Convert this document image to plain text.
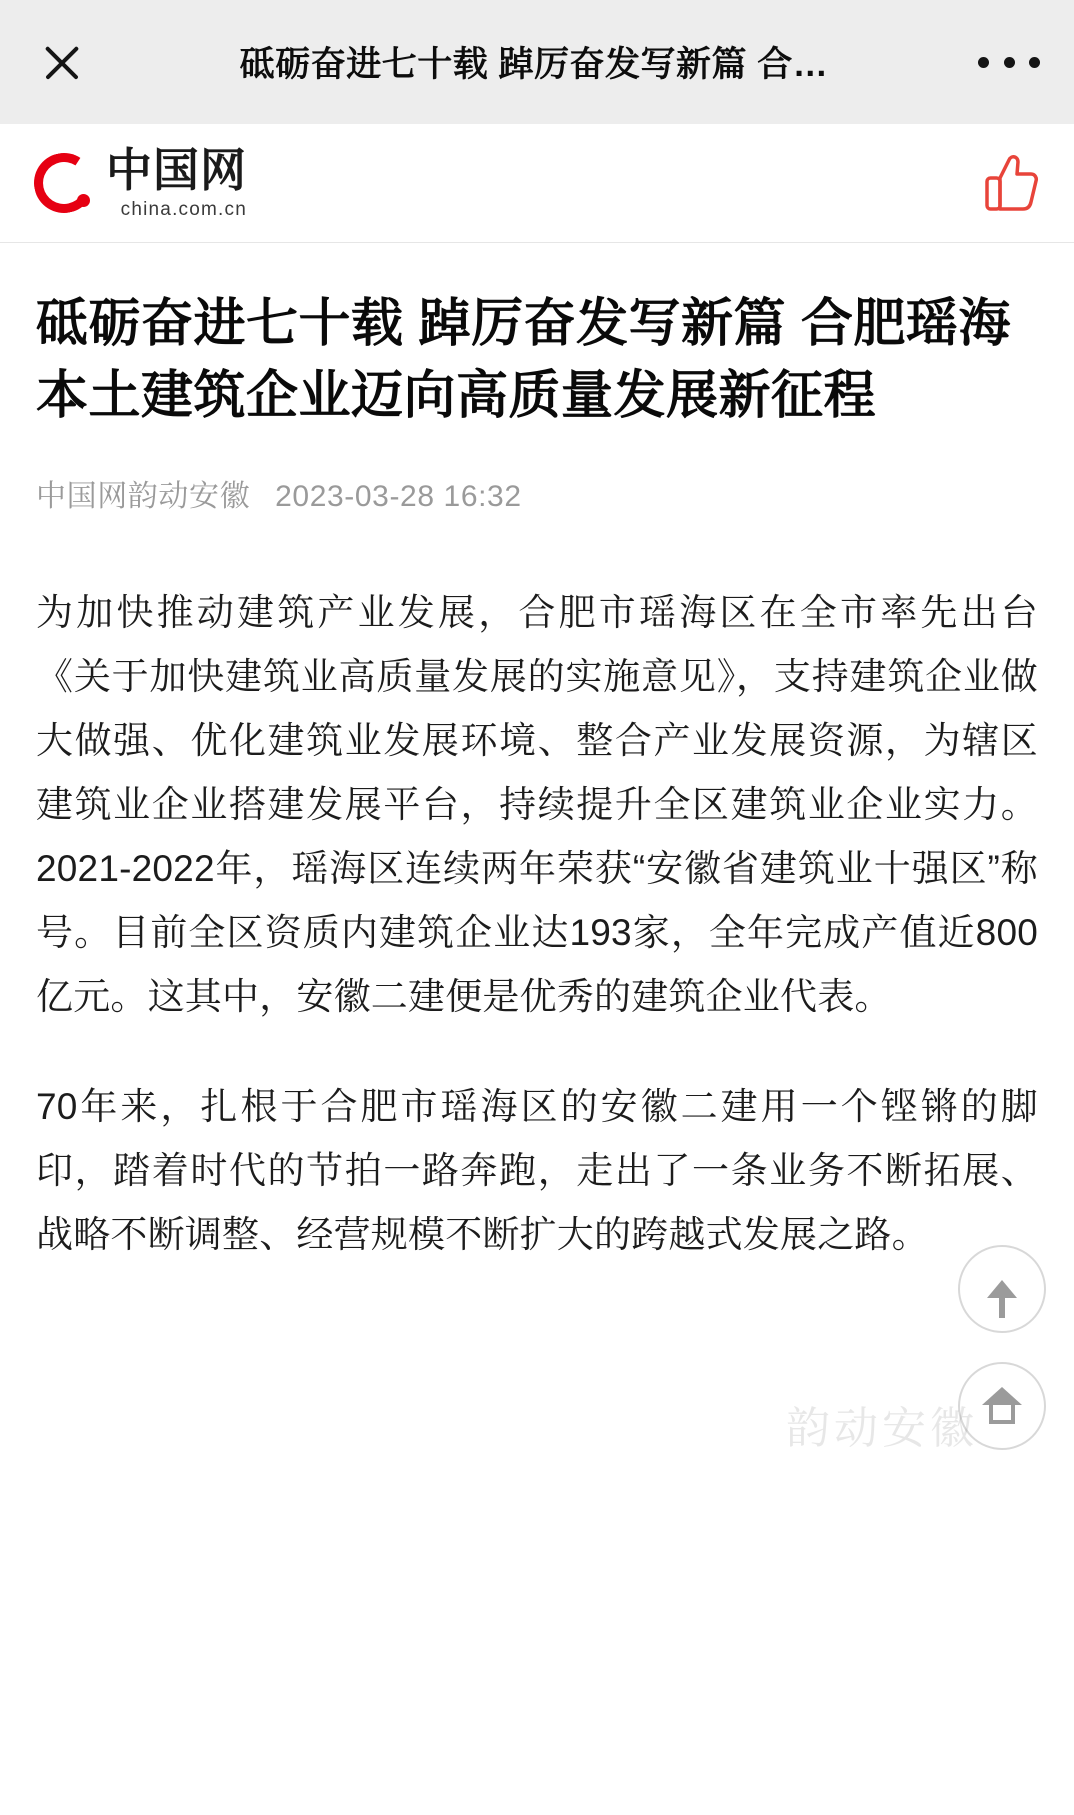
砥砺奋进七十载 踔厉奋发写新篇 合…
中国网
china.com.cn
砥砺奋进七十载 踔厉奋发写新篇 合肥瑶海本土建筑企业迈向高质量发展新征程
中国网韵动安徽 2023-03-28 16:32

为加快推动建筑产业发展，合肥市瑶海区在全市率先出台《关于加快建筑业高质量发展的实施意见》，支持建筑企业做大做强、优化建筑业发展环境、整合产业发展资源，为辖区建筑业企业搭建发展平台，持续提升全区建筑业企业实力。2021-2022年，瑶海区连续两年荣获“安徽省建筑业十强区”称号。目前全区资质内建筑企业达193家，全年完成产值近800亿元。这其中，安徽二建便是优秀的建筑企业代表。

70年来，扎根于合肥市瑶海区的安徽二建用一个铿锵的脚印，踏着时代的节拍一路奔跑，走出了一条业务不断拓展、战略不断调整、经营规模不断扩大的跨越式发展之路。

韵动安徽
